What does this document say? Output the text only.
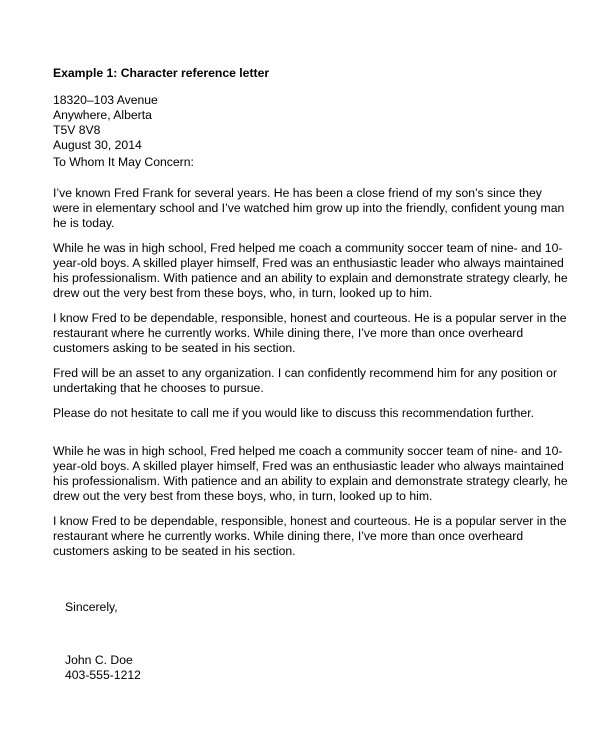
Example 1: Character reference letter
18320–103 Avenue
Anywhere, Alberta
T5V 8V8
August 30, 2014
To Whom It May Concern:
I’ve known Fred Frank for several years. He has been a close friend of my son’s since they
were in elementary school and I’ve watched him grow up into the friendly, confident young man
he is today.
While he was in high school, Fred helped me coach a community soccer team of nine- and 10-
year-old boys. A skilled player himself, Fred was an enthusiastic leader who always maintained
his professionalism. With patience and an ability to explain and demonstrate strategy clearly, he
drew out the very best from these boys, who, in turn, looked up to him.
I know Fred to be dependable, responsible, honest and courteous. He is a popular server in the
restaurant where he currently works. While dining there, I’ve more than once overheard
customers asking to be seated in his section.
Fred will be an asset to any organization. I can confidently recommend him for any position or
undertaking that he chooses to pursue.
Please do not hesitate to call me if you would like to discuss this recommendation further.
While he was in high school, Fred helped me coach a community soccer team of nine- and 10-
year-old boys. A skilled player himself, Fred was an enthusiastic leader who always maintained
his professionalism. With patience and an ability to explain and demonstrate strategy clearly, he
drew out the very best from these boys, who, in turn, looked up to him.
I know Fred to be dependable, responsible, honest and courteous. He is a popular server in the
restaurant where he currently works. While dining there, I’ve more than once overheard
customers asking to be seated in his section.
Sincerely,
John C. Doe
403-555-1212
